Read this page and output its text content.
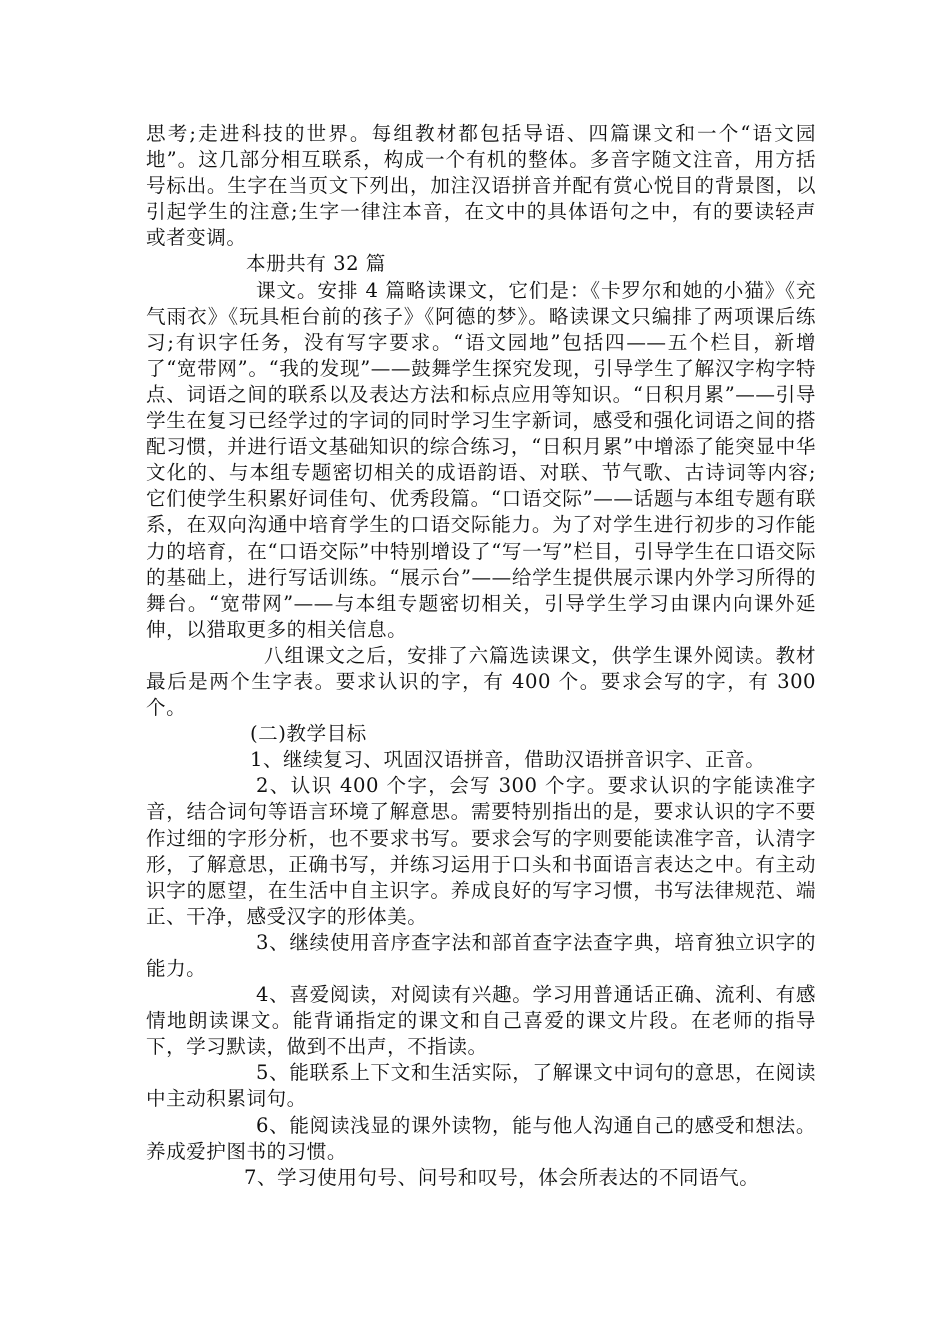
思考;走进科技的世界。每组教材都包括导语、四篇课文和一个“语文园地”。这几部分相互联系，构成一个有机的整体。多音字随文注音，用方括号标出。生字在当页文下列出，加注汉语拼音并配有赏心悦目的背景图，以引起学生的注意;生字一律注本音，在文中的具体语句之中，有的要读轻声或者变调。

本册共有 32 篇

课文。安排 4 篇略读课文，它们是：《卡罗尔和她的小猫》《充气雨衣》《玩具柜台前的孩子》《阿德的梦》。略读课文只编排了两项课后练习;有识字任务，没有写字要求。“语文园地”包括四——五个栏目，新增了“宽带网”。“我的发现”——鼓舞学生探究发现，引导学生了解汉字构字特点、词语之间的联系以及表达方法和标点应用等知识。“日积月累”——引导学生在复习已经学过的字词的同时学习生字新词，感受和强化词语之间的搭配习惯，并进行语文基础知识的综合练习，“日积月累”中增添了能突显中华文化的、与本组专题密切相关的成语韵语、对联、节气歌、古诗词等内容;它们使学生积累好词佳句、优秀段篇。“口语交际”——话题与本组专题有联系，在双向沟通中培育学生的口语交际能力。为了对学生进行初步的习作能力的培育，在“口语交际”中特别增设了“写一写”栏目，引导学生在口语交际的基础上，进行写话训练。“展示台”——给学生提供展示课内外学习所得的舞台。“宽带网”——与本组专题密切相关，引导学生学习由课内向课外延伸，以猎取更多的相关信息。

八组课文之后，安排了六篇选读课文，供学生课外阅读。教材最后是两个生字表。要求认识的字，有 400 个。要求会写的字，有 300 个。

(二)教学目标

1、继续复习、巩固汉语拼音，借助汉语拼音识字、正音。

2、认识 400 个字，会写 300 个字。要求认识的字能读准字音，结合词句等语言环境了解意思。需要特别指出的是，要求认识的字不要作过细的字形分析，也不要求书写。要求会写的字则要能读准字音，认清字形，了解意思，正确书写，并练习运用于口头和书面语言表达之中。有主动识字的愿望，在生活中自主识字。养成良好的写字习惯，书写法律规范、端正、干净，感受汉字的形体美。

3、继续使用音序查字法和部首查字法查字典，培育独立识字的能力。

4、喜爱阅读，对阅读有兴趣。学习用普通话正确、流利、有感情地朗读课文。能背诵指定的课文和自己喜爱的课文片段。在老师的指导下，学习默读，做到不出声，不指读。

5、能联系上下文和生活实际，了解课文中词句的意思，在阅读中主动积累词句。

6、能阅读浅显的课外读物，能与他人沟通自己的感受和想法。养成爱护图书的习惯。

7、学习使用句号、问号和叹号，体会所表达的不同语气。
